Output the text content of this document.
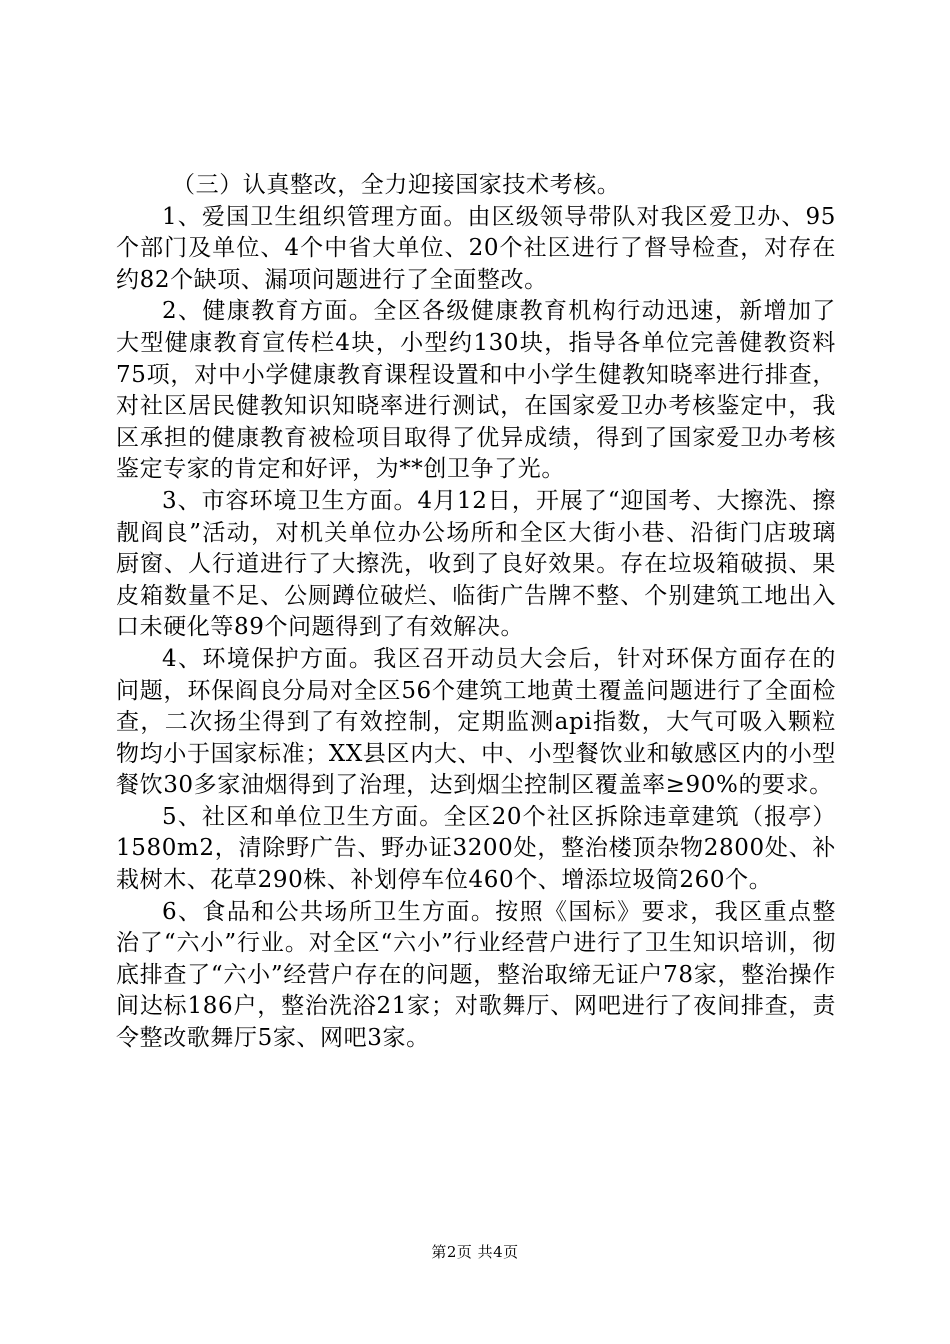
（三）认真整改，全力迎接国家技术考核。

1、爱国卫生组织管理方面。由区级领导带队对我区爱卫办、95个部门及单位、4个中省大单位、20个社区进行了督导检查，对存在约82个缺项、漏项问题进行了全面整改。

2、健康教育方面。全区各级健康教育机构行动迅速，新增加了大型健康教育宣传栏4块，小型约130块，指导各单位完善健教资料75项，对中小学健康教育课程设置和中小学生健教知晓率进行排查，对社区居民健教知识知晓率进行测试，在国家爱卫办考核鉴定中，我区承担的健康教育被检项目取得了优异成绩，得到了国家爱卫办考核鉴定专家的肯定和好评，为**创卫争了光。

3、市容环境卫生方面。4月12日，开展了“迎国考、大擦洗、擦靓阎良”活动，对机关单位办公场所和全区大街小巷、沿街门店玻璃厨窗、人行道进行了大擦洗，收到了良好效果。存在垃圾箱破损、果皮箱数量不足、公厕蹲位破烂、临街广告牌不整、个别建筑工地出入口未硬化等89个问题得到了有效解决。

4、环境保护方面。我区召开动员大会后，针对环保方面存在的问题，环保阎良分局对全区56个建筑工地黄土覆盖问题进行了全面检查，二次扬尘得到了有效控制，定期监测api指数，大气可吸入颗粒物均小于国家标准；XX县区内大、中、小型餐饮业和敏感区内的小型餐饮30多家油烟得到了治理，达到烟尘控制区覆盖率≥90%的要求。

5、社区和单位卫生方面。全区20个社区拆除违章建筑（报亭）1580m2，清除野广告、野办证3200处，整治楼顶杂物2800处、补栽树木、花草290株、补划停车位460个、增添垃圾筒260个。

6、食品和公共场所卫生方面。按照《国标》要求，我区重点整治了“六小”行业。对全区“六小”行业经营户进行了卫生知识培训，彻底排查了“六小”经营户存在的问题，整治取缔无证户78家，整治操作间达标186户，整治洗浴21家；对歌舞厅、网吧进行了夜间排查，责令整改歌舞厅5家、网吧3家。

第2页 共4页
